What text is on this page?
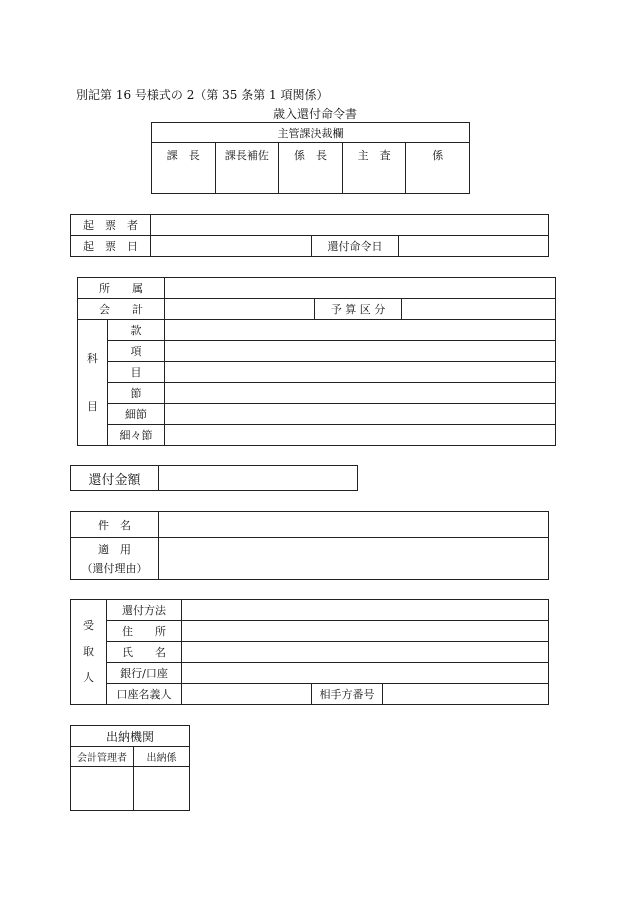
別記第 16 号様式の 2（第 35 条第 1 項関係）
歳入還付命令書
主管課決裁欄
課　長	課長補佐	係　長	主　査	係
起　票　者			
起　票　日		還付命令日	
所　　属				
会　　計			予 算 区 分	

科
目	款			
	項			
	目			
	節			
	細節			
	細々節			
還付金額	
件　名	

適　用
（還付理由）	

受
取
人	還付方法			
	住　　所			
	氏　　名			
	銀行/口座			
	口座名義人		相手方番号	
出納機関	
会計管理者	出納係
